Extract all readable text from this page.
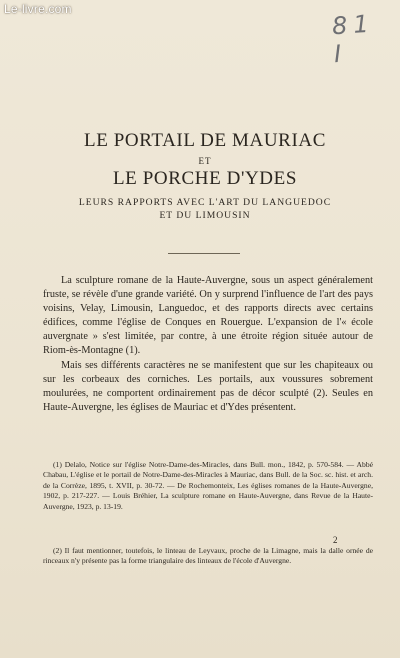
Le-livre.com
81 I
LE PORTAIL DE MAURIAC
ET
LE PORCHE D'YDES
LEURS RAPPORTS AVEC L'ART DU LANGUEDOC
ET DU LIMOUSIN

La sculpture romane de la Haute-Auvergne, sous un aspect généralement fruste, se révèle d'une grande variété. On y surprend l'influence de l'art des pays voisins, Velay, Limousin, Languedoc, et des rapports directs avec certains édifices, comme l'église de Conques en Rouergue. L'expansion de l'« école auvergnate » s'est limitée, par contre, à une étroite région située autour de Riom-ès-Montagne (1).

Mais ses différents caractères ne se manifestent que sur les chapiteaux ou sur les corbeaux des corniches. Les portails, aux voussures sobrement moulurées, ne comportent ordinairement pas de décor sculpté (2). Seules en Haute-Auvergne, les églises de Mauriac et d'Ydes présentent.

(1) Delalo, Notice sur l'église Notre-Dame-des-Miracles, dans Bull. mon., 1842, p. 570-584. — Abbé Chabau, L'église et le portail de Notre-Dame-des-Miracles à Mauriac, dans Bull. de la Soc. sc. hist. et arch. de la Corrèze, 1895, t. XVII, p. 30-72. — De Rochemonteix, Les églises romanes de la Haute-Auvergne, 1902, p. 217-227. — Louis Bréhier, La sculpture romane en Haute-Auvergne, dans Revue de la Haute-Auvergne, 1923, p. 13-19.

2

(2) Il faut mentionner, toutefois, le linteau de Leyvaux, proche de la Limagne, mais la dalle ornée de rinceaux n'y présente pas la forme triangulaire des linteaux de l'école d'Auvergne.
